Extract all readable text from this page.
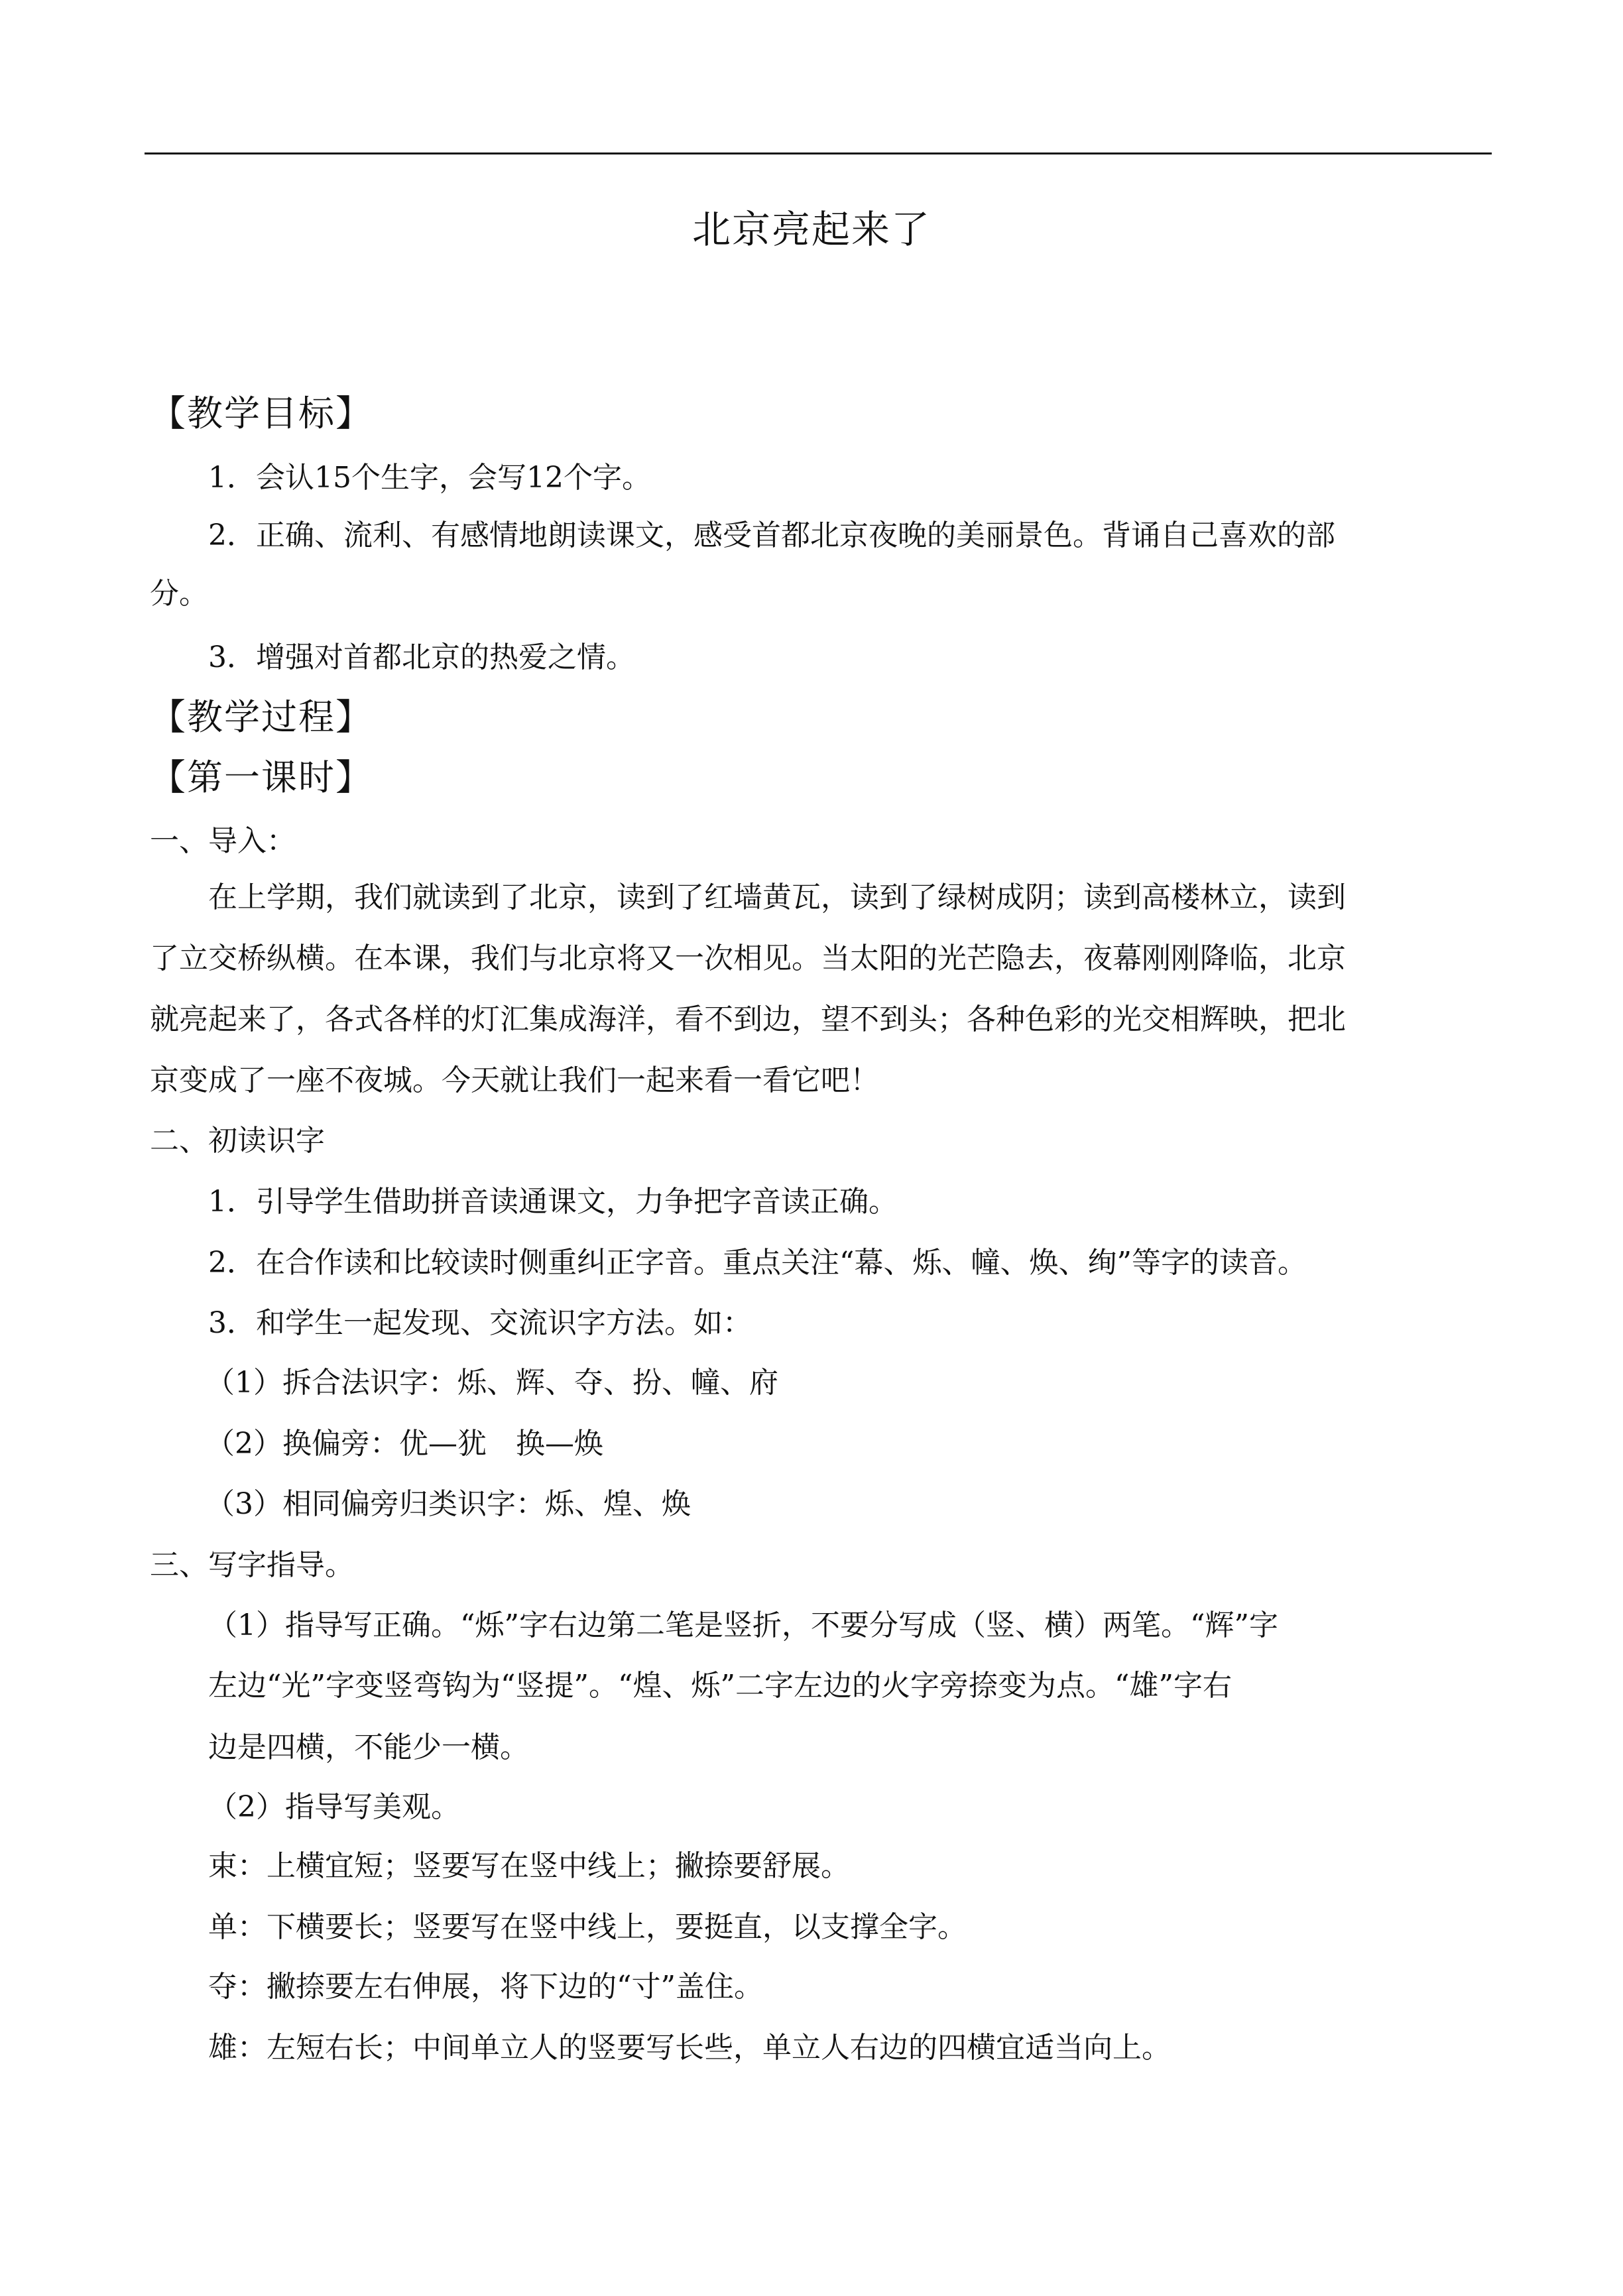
北京亮起来了
【教学目标】
1．会认15个生字，会写12个字。
2．正确、流利、有感情地朗读课文，感受首都北京夜晚的美丽景色。背诵自己喜欢的部
分。
3．增强对首都北京的热爱之情。
【教学过程】
【第一课时】
一、导入：
在上学期，我们就读到了北京，读到了红墙黄瓦，读到了绿树成阴；读到高楼林立，读到
了立交桥纵横。在本课，我们与北京将又一次相见。当太阳的光芒隐去，夜幕刚刚降临，北京
就亮起来了，各式各样的灯汇集成海洋，看不到边，望不到头；各种色彩的光交相辉映，把北
京变成了一座不夜城。今天就让我们一起来看一看它吧！
二、初读识字
1．引导学生借助拼音读通课文，力争把字音读正确。
2．在合作读和比较读时侧重纠正字音。重点关注“幕、烁、幢、焕、绚”等字的读音。
3．和学生一起发现、交流识字方法。如：
（1）拆合法识字：烁、辉、夺、扮、幢、府
（2）换偏旁：优—犹　换—焕
（3）相同偏旁归类识字：烁、煌、焕
三、写字指导。
（1）指导写正确。“烁”字右边第二笔是竖折，不要分写成（竖、横）两笔。“辉”字
左边“光”字变竖弯钩为“竖提”。“煌、烁”二字左边的火字旁捺变为点。“雄”字右
边是四横，不能少一横。
（2）指导写美观。
束：上横宜短；竖要写在竖中线上；撇捺要舒展。
单：下横要长；竖要写在竖中线上，要挺直，以支撑全字。
夺：撇捺要左右伸展，将下边的“寸”盖住。
雄：左短右长；中间单立人的竖要写长些，单立人右边的四横宜适当向上。
